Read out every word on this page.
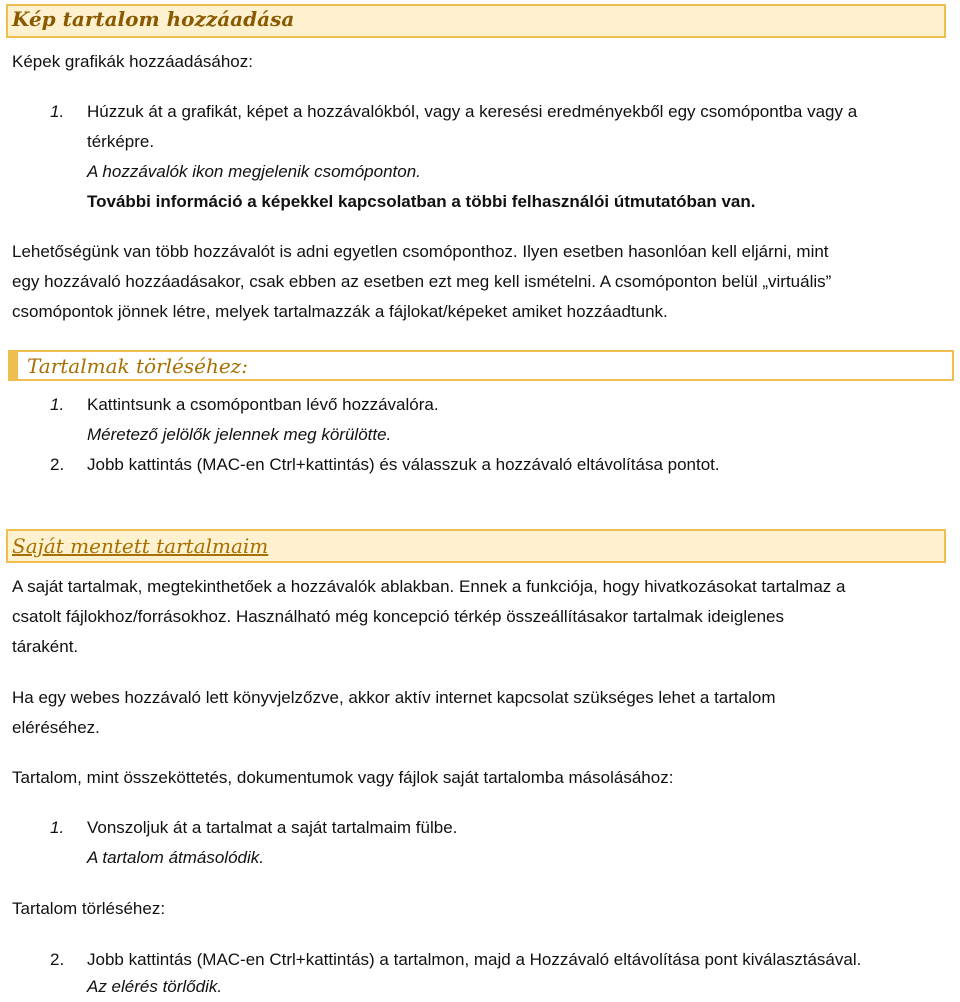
Kép tartalom hozzáadása
Képek grafikák hozzáadásához:
1.	Húzzuk át a grafikát, képet a hozzávalókból, vagy a keresési eredményekből egy csomópontba vagy a
térképre.
A hozzávalók ikon megjelenik csomóponton.
További információ a képekkel kapcsolatban a többi felhasználói útmutatóban van.
Lehetőségünk van több hozzávalót is adni egyetlen csomóponthoz. Ilyen esetben hasonlóan kell eljárni, mint
egy hozzávaló hozzáadásakor, csak ebben az esetben ezt meg kell ismételni. A csomóponton belül „virtuális”
csomópontok jönnek létre, melyek tartalmazzák a fájlokat/képeket amiket hozzáadtunk.
Tartalmak törléséhez:
1.	Kattintsunk a csomópontban lévő hozzávalóra.
Méretező jelölők jelennek meg körülötte.
2.	Jobb kattintás (MAC-en Ctrl+kattintás) és válasszuk a hozzávaló eltávolítása pontot.
Saját mentett tartalmaim
A saját tartalmak, megtekinthetőek a hozzávalók ablakban. Ennek a funkciója, hogy hivatkozásokat tartalmaz a
csatolt fájlokhoz/forrásokhoz. Használható még koncepció térkép összeállításakor tartalmak ideiglenes
táraként.
Ha egy webes hozzávaló lett könyvjelzőzve, akkor aktív internet kapcsolat szükséges lehet a tartalom
eléréséhez.
Tartalom, mint összeköttetés, dokumentumok vagy fájlok saját tartalomba másolásához:
1.	Vonszoljuk át a tartalmat a saját tartalmaim fülbe.
A tartalom átmásolódik.
Tartalom törléséhez:
2.	Jobb kattintás (MAC-en Ctrl+kattintás) a tartalmon, majd a Hozzávaló eltávolítása pont kiválasztásával.
Az elérés törlődik.
